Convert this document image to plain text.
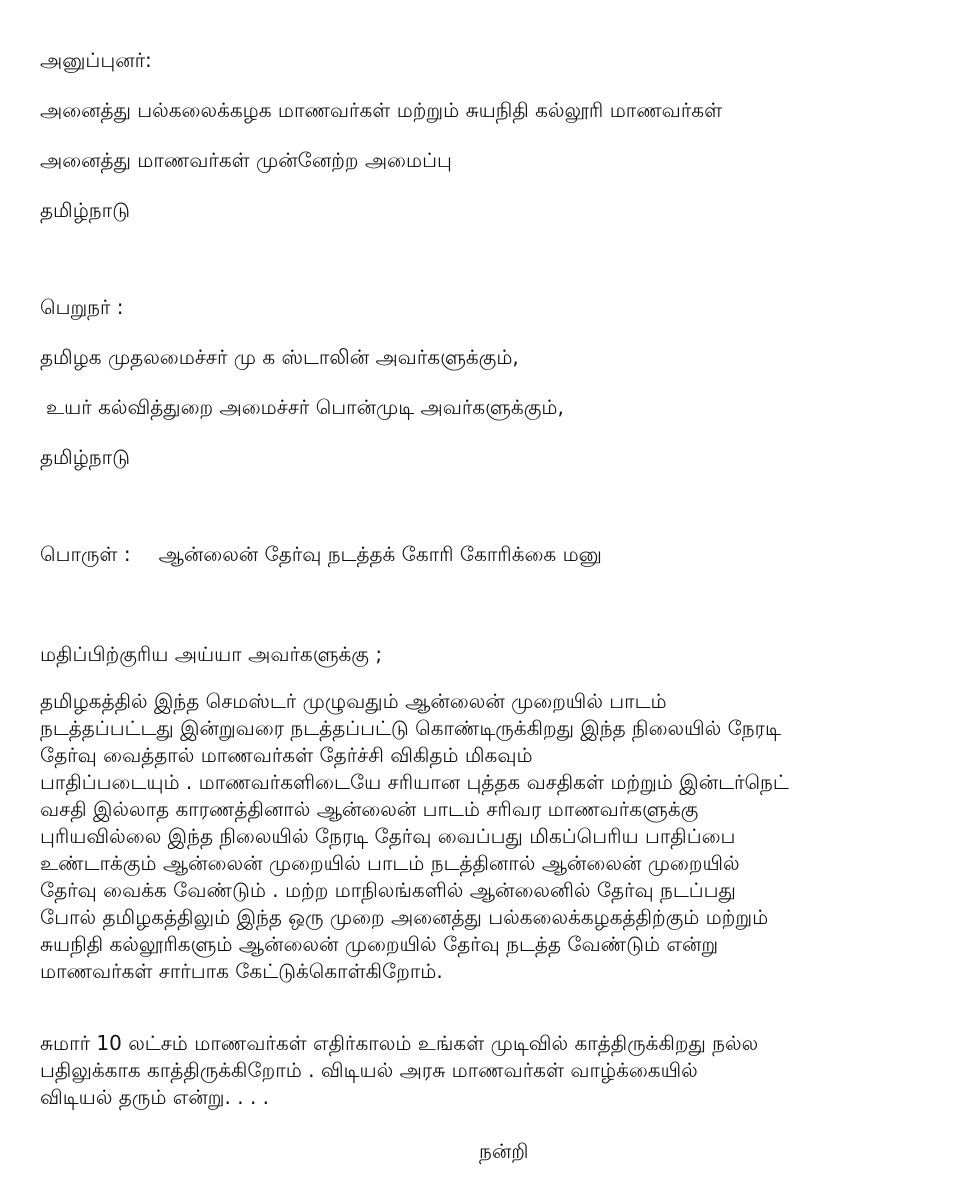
அனுப்புனர்:
அனைத்து பல்கலைக்கழக மாணவர்கள் மற்றும் சுயநிதி கல்லூரி மாணவர்கள்
அனைத்து மாணவர்கள் முன்னேற்ற அமைப்பு
தமிழ்நாடு
பெறுநர் :
தமிழக முதலமைச்சர் மு க ஸ்டாலின் அவர்களுக்கும்,
உயர் கல்வித்துறை அமைச்சர் பொன்முடி அவர்களுக்கும்,
தமிழ்நாடு
பொருள் : ஆன்லைன் தேர்வு நடத்தக் கோரி கோரிக்கை மனு
மதிப்பிற்குரிய அய்யா அவர்களுக்கு ;
தமிழகத்தில் இந்த செமஸ்டர் முழுவதும் ஆன்லைன் முறையில் பாடம்
நடத்தப்பட்டது இன்றுவரை நடத்தப்பட்டு கொண்டிருக்கிறது இந்த நிலையில் நேரடி
தேர்வு வைத்தால் மாணவர்கள் தேர்ச்சி விகிதம் மிகவும்
பாதிப்படையும் . மாணவர்களிடையே சரியான புத்தக வசதிகள் மற்றும் இன்டர்நெட்
வசதி இல்லாத காரணத்தினால் ஆன்லைன் பாடம் சரிவர மாணவர்களுக்கு
புரியவில்லை இந்த நிலையில் நேரடி தேர்வு வைப்பது மிகப்பெரிய பாதிப்பை
உண்டாக்கும் ஆன்லைன் முறையில் பாடம் நடத்தினால் ஆன்லைன் முறையில்
தேர்வு வைக்க வேண்டும் . மற்ற மாநிலங்களில் ஆன்லைனில் தேர்வு நடப்பது
போல் தமிழகத்திலும் இந்த ஒரு முறை அனைத்து பல்கலைக்கழகத்திற்கும் மற்றும்
சுயநிதி கல்லூரிகளும் ஆன்லைன் முறையில் தேர்வு நடத்த வேண்டும் என்று
மாணவர்கள் சார்பாக கேட்டுக்கொள்கிறோம்.
சுமார் 10 லட்சம் மாணவர்கள் எதிர்காலம் உங்கள் முடிவில் காத்திருக்கிறது நல்ல
பதிலுக்காக காத்திருக்கிறோம் . விடியல் அரசு மாணவர்கள் வாழ்க்கையில்
விடியல் தரும் என்று. . . .
நன்றி
